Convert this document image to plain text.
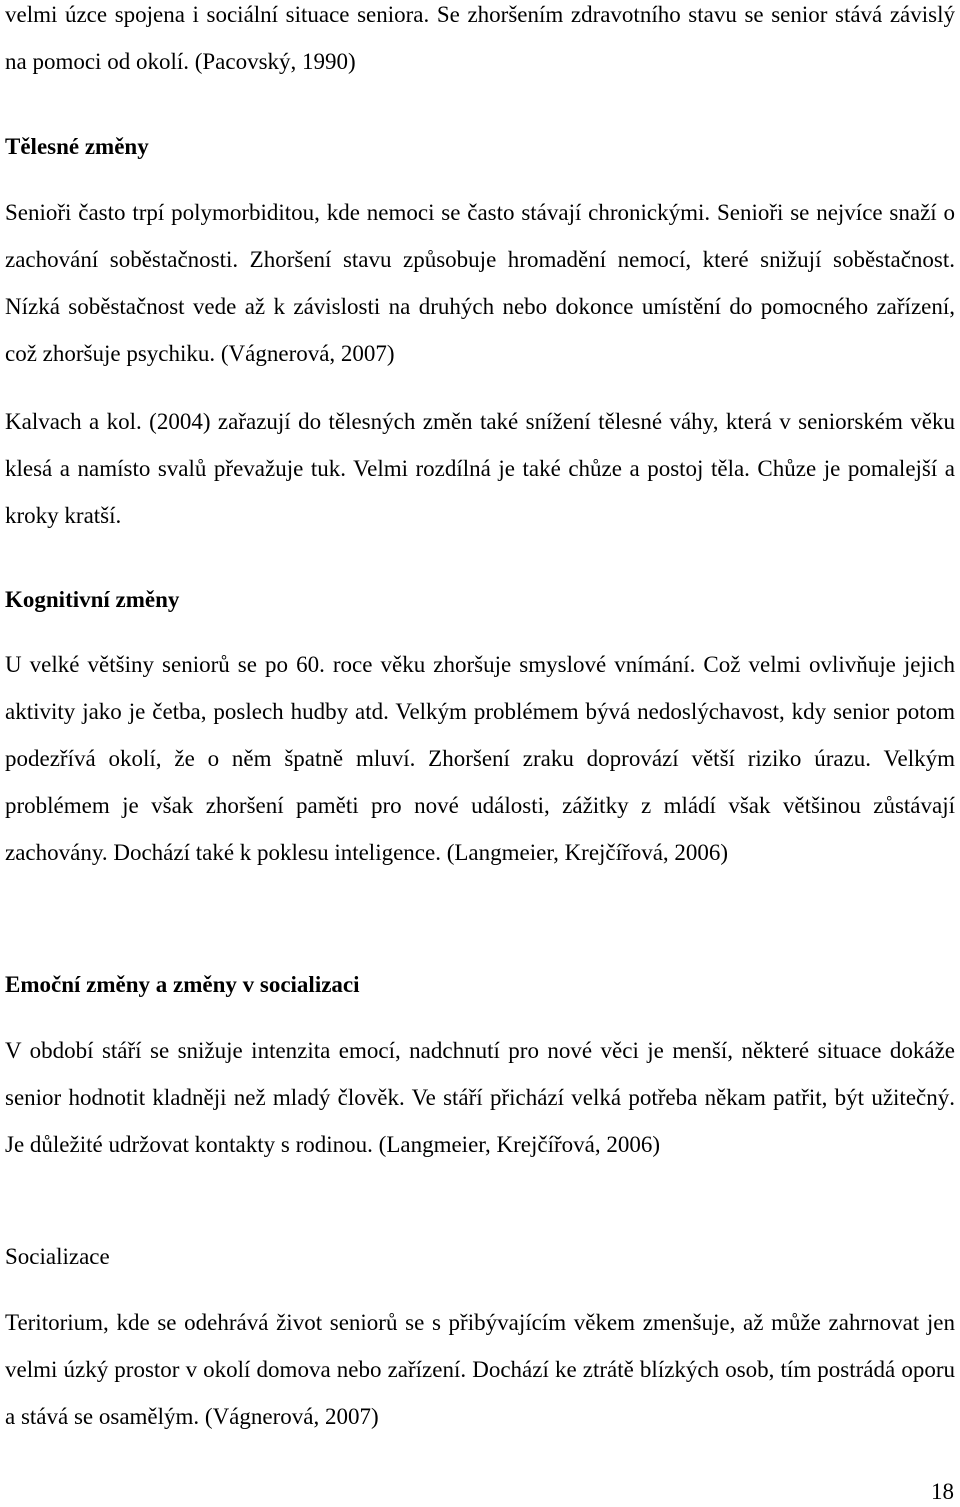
velmi úzce spojena i sociální situace seniora. Se zhoršením zdravotního stavu se senior stává závislý na pomoci od okolí. (Pacovský, 1990)

Tělesné změny

Senioři často trpí polymorbiditou, kde nemoci se často stávají chronickými. Senioři se nejvíce snaží o zachování soběstačnosti. Zhoršení stavu způsobuje hromadění nemocí, které snižují soběstačnost. Nízká soběstačnost vede až k závislosti na druhých nebo dokonce umístění do pomocného zařízení, což zhoršuje psychiku. (Vágnerová, 2007)

Kalvach a kol. (2004) zařazují do tělesných změn také snížení tělesné váhy, která v seniorském věku klesá a namísto svalů převažuje tuk. Velmi rozdílná je také chůze a postoj těla. Chůze je pomalejší a kroky kratší.

Kognitivní změny

U velké většiny seniorů se po 60. roce věku zhoršuje smyslové vnímání. Což velmi ovlivňuje jejich aktivity jako je četba, poslech hudby atd. Velkým problémem bývá nedoslýchavost, kdy senior potom podezřívá okolí, že o něm špatně mluví. Zhoršení zraku doprovází větší riziko úrazu. Velkým problémem je však zhoršení paměti pro nové události, zážitky z mládí však většinou zůstávají zachovány. Dochází také k poklesu inteligence. (Langmeier, Krejčířová, 2006)

Emoční změny a změny v socializaci

V období stáří se snižuje intenzita emocí, nadchnutí pro nové věci je menší, některé situace dokáže senior hodnotit kladněji než mladý člověk. Ve stáří přichází velká potřeba někam patřit, být užitečný. Je důležité udržovat kontakty s rodinou. (Langmeier, Krejčířová, 2006)

Socializace

Teritorium, kde se odehrává život seniorů se s přibývajícím věkem zmenšuje, až může zahrnovat jen velmi úzký prostor v okolí domova nebo zařízení. Dochází ke ztrátě blízkých osob, tím postrádá oporu a stává se osamělým. (Vágnerová, 2007)

18
